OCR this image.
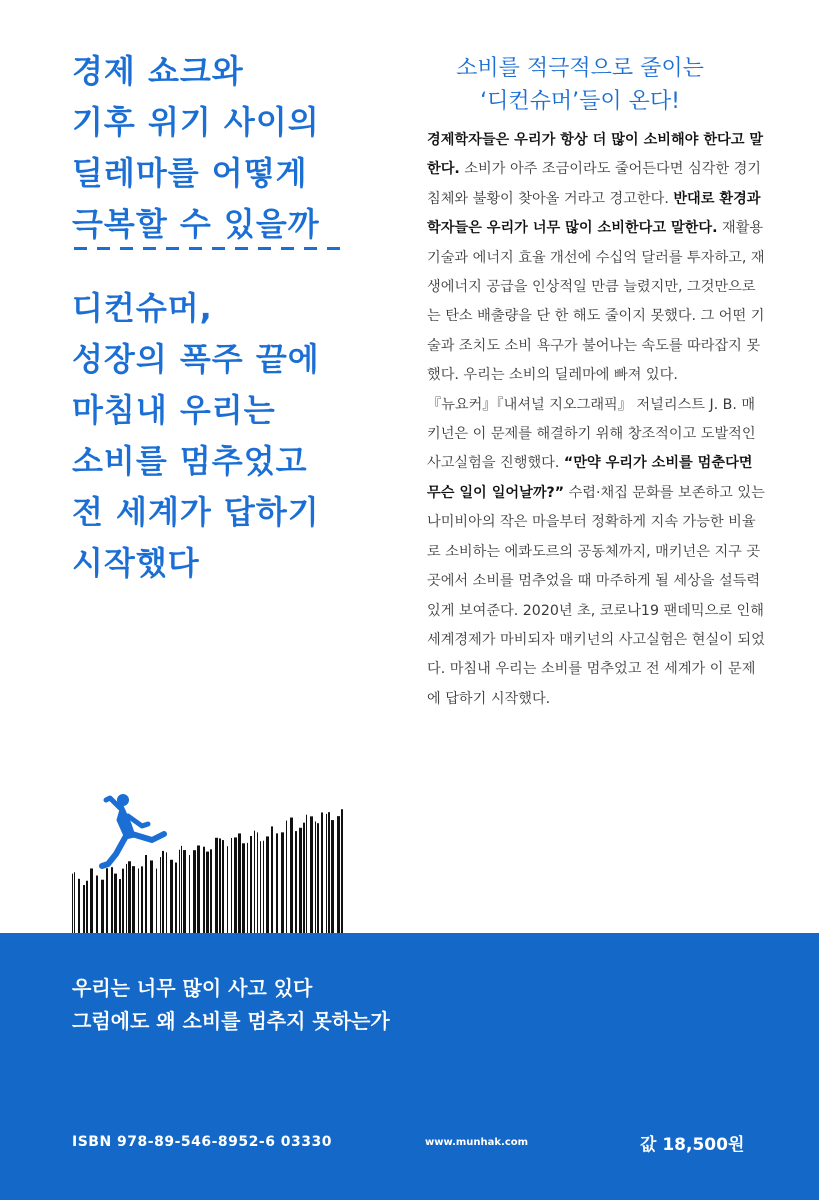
경제 쇼크와
기후 위기 사이의
딜레마를 어떻게
극복할 수 있을까
디컨슈머,
성장의 폭주 끝에
마침내 우리는
소비를 멈추었고
전 세계가 답하기
시작했다
소비를 적극적으로 줄이는
‘디컨슈머’들이 온다!

경제학자들은 우리가 항상 더 많이 소비해야 한다고 말한다. 소비가 아주 조금이라도 줄어든다면 심각한 경기 침체와 불황이 찾아올 거라고 경고한다. 반대로 환경과학자들은 우리가 너무 많이 소비한다고 말한다. 재활용 기술과 에너지 효율 개선에 수십억 달러를 투자하고, 재생에너지 공급을 인상적일 만큼 늘렸지만, 그것만으로는 탄소 배출량을 단 한 해도 줄이지 못했다. 그 어떤 기술과 조치도 소비 욕구가 불어나는 속도를 따라잡지 못했다. 우리는 소비의 딜레마에 빠져 있다.

『뉴요커』『내셔널 지오그래픽』 저널리스트 J. B. 매키넌은 이 문제를 해결하기 위해 창조적이고 도발적인 사고실험을 진행했다. “만약 우리가 소비를 멈춘다면 무슨 일이 일어날까?” 수렵·채집 문화를 보존하고 있는 나미비아의 작은 마을부터 정확하게 지속 가능한 비율로 소비하는 에콰도르의 공동체까지, 매키넌은 지구 곳곳에서 소비를 멈추었을 때 마주하게 될 세상을 설득력 있게 보여준다. 2020년 초, 코로나19 팬데믹으로 인해 세계경제가 마비되자 매키넌의 사고실험은 현실이 되었다. 마침내 우리는 소비를 멈추었고 전 세계가 이 문제에 답하기 시작했다.

우리는 너무 많이 사고 있다
그럼에도 왜 소비를 멈추지 못하는가
ISBN 978-89-546-8952-6 03330	www.munhak.com	값 18,500원
